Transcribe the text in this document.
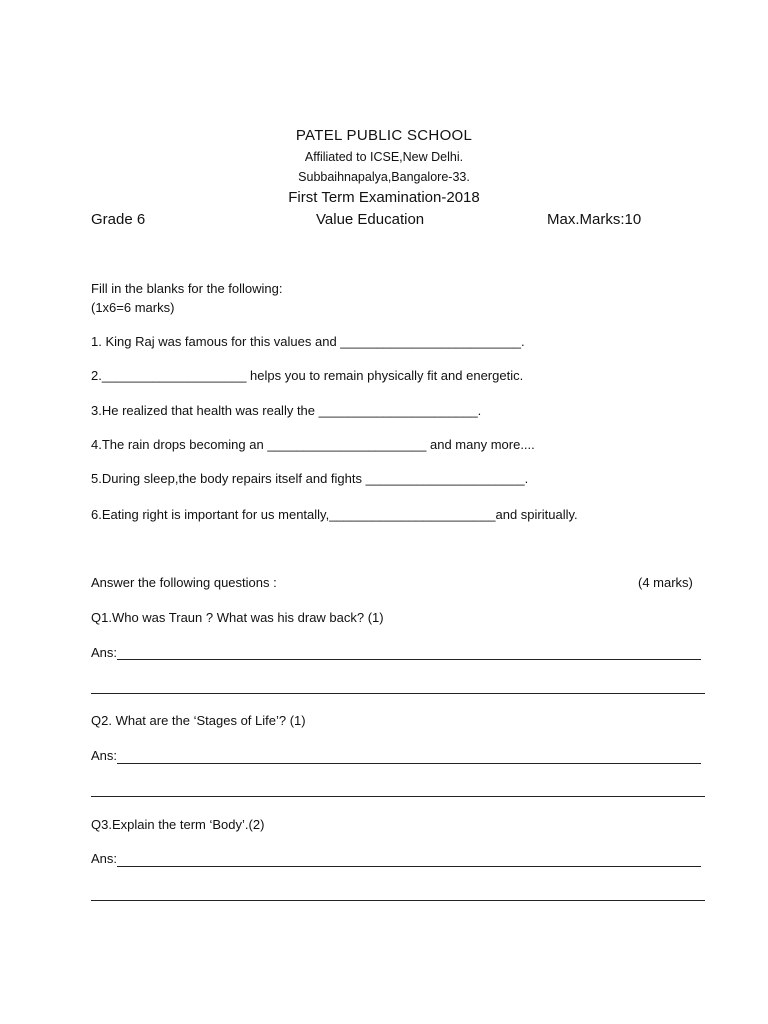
PATEL PUBLIC SCHOOL
Affiliated to ICSE,New Delhi.
Subbaihnapalya,Bangalore-33.
First Term Examination-2018
Grade 6	Value Education	Max.Marks:10
Fill in the blanks for the following:
(1x6=6 marks)
1. King Raj was famous for this values and _________________________.
2.____________________ helps you to remain physically fit and energetic.
3.He realized that health was really the ______________________.
4.The rain drops becoming an ______________________ and many more....
5.During sleep,the body repairs itself and fights ______________________.
6.Eating right is important for us mentally,_______________________and spiritually.
Answer the following questions :	(4 marks)
Q1.Who was Traun ? What was his draw back? (1)
Ans:
Q2. What are the ‘Stages of Life’? (1)
Ans:
Q3.Explain the term ‘Body’.(2)
Ans:
